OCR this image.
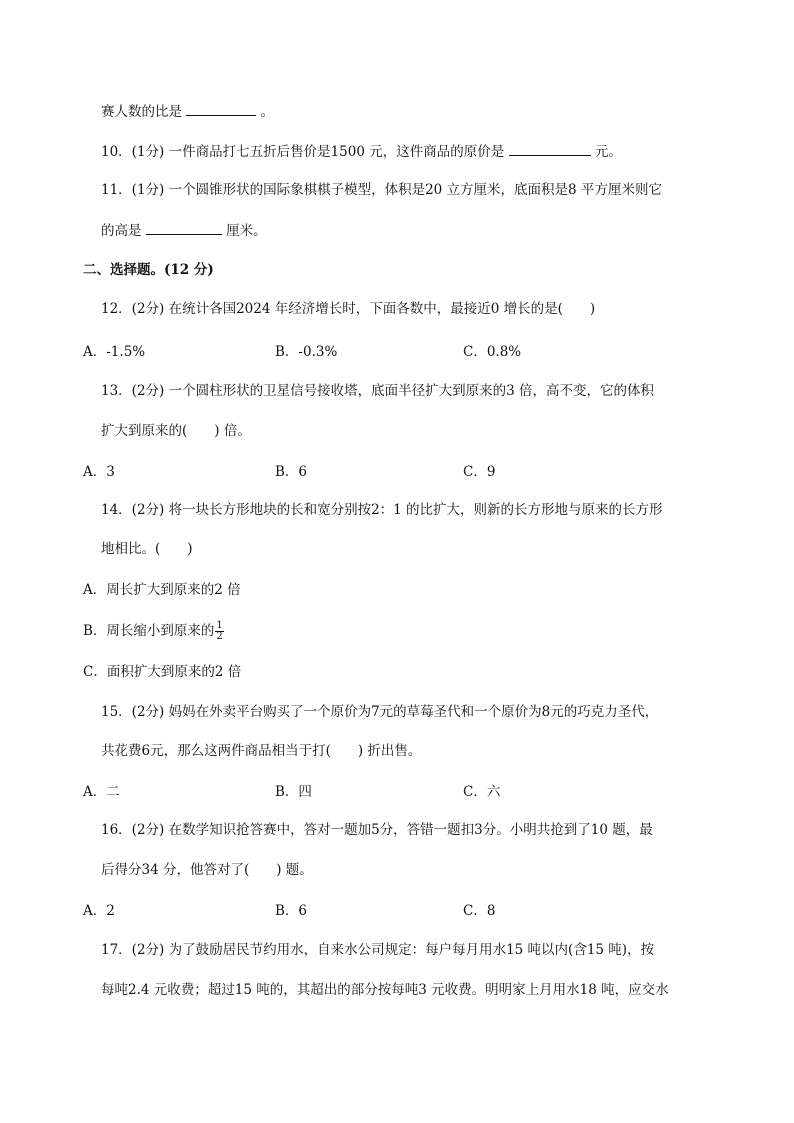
赛人数的比是	。
10．(1分) 一件商品打七五折后售价是1500 元，这件商品的原价是	元。
11．(1分) 一个圆锥形状的国际象棋棋子模型，体积是20 立方厘米，底面积是8 平方厘米则它
的高是	厘米。
二、选择题。(12 分)
12．(2分) 在统计各国2024 年经济增长时，下面各数中，最接近0 增长的是(　　)
A．-1.5%	B．-0.3%	C．0.8%
13．(2分) 一个圆柱形状的卫星信号接收塔，底面半径扩大到原来的3 倍，高不变，它的体积
扩大到原来的(　　) 倍。
A．3	B．6	C．9
14．(2分) 将一块长方形地块的长和宽分别按2：1 的比扩大，则新的长方形地与原来的长方形
地相比。(　　)
A．周长扩大到原来的2 倍
B．周长缩小到原来的 $\frac{1}{2}$
C．面积扩大到原来的2 倍
15．(2分) 妈妈在外卖平台购买了一个原价为7元的草莓圣代和一个原价为8元的巧克力圣代，
共花费6元，那么这两件商品相当于打(　　) 折出售。
A．二	B．四	C．六
16．(2分) 在数学知识抢答赛中，答对一题加5分，答错一题扣3分。小明共抢到了10 题，最
后得分34 分，他答对了(　　) 题。
A．2	B．6	C．8
17．(2分) 为了鼓励居民节约用水，自来水公司规定：每户每月用水15 吨以内(含15 吨)，按
每吨2.4 元收费；超过15 吨的，其超出的部分按每吨3 元收费。明明家上月用水18 吨，应交水
